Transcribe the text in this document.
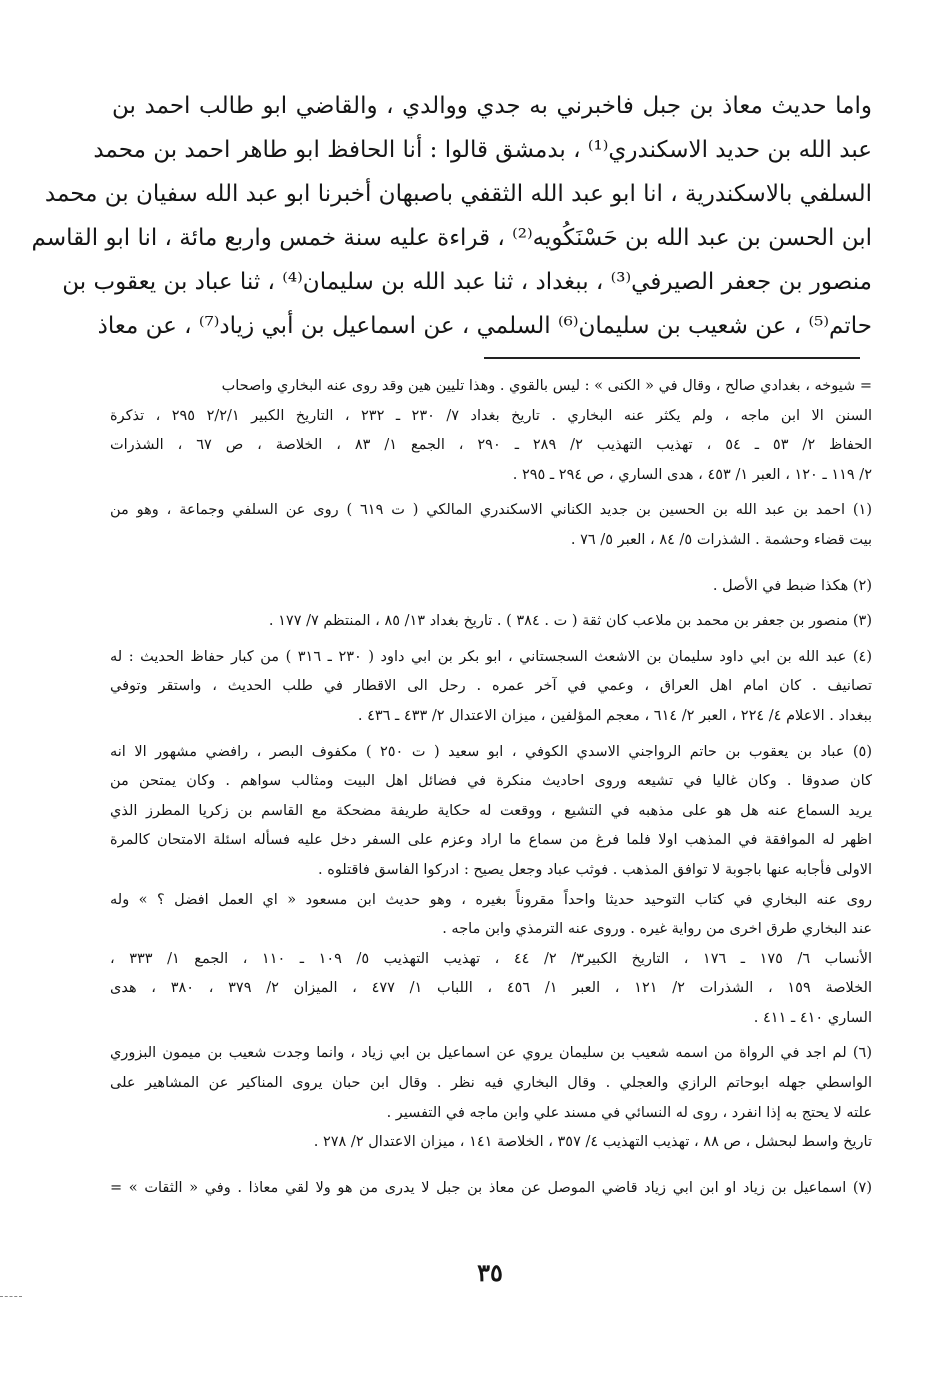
واما حديث معاذ بن جبل فاخبرني به جدي ووالدي ، والقاضي ابو طالب احمد بن
عبد الله بن حديد الاسكندري⁽¹⁾ ، بدمشق قالوا : أنا الحافظ ابو طاهر احمد بن محمد
السلفي بالاسكندرية ، انا ابو عبد الله الثقفي باصبهان أخبرنا ابو عبد الله سفيان بن محمد
ابن الحسن بن عبد الله بن حَسْنَكُويه⁽²⁾ ، قراءة عليه سنة خمس واربع مائة ، انا ابو القاسم
منصور بن جعفر الصيرفي⁽³⁾ ، ببغداد ، ثنا عبد الله بن سليمان⁽⁴⁾ ، ثنا عباد بن يعقوب بن
حاتم⁽⁵⁾ ، عن شعيب بن سليمان⁽⁶⁾ السلمي ، عن اسماعيل بن أبي زياد⁽⁷⁾ ، عن معاذ
= شيوخه ، بغدادي صالح ، وقال في « الكنى » : ليس بالقوي . وهذا تليين هين وقد روى عنه البخاري واصحاب
السنن الا ابن ماجه ، ولم يكثر عنه البخاري . تاريخ بغداد ٧/ ٢٣٠ ـ ٢٣٢ ، التاريخ الكبير ٢/٢/١ ٢٩٥ ، تذكرة
الحفاظ ٢/ ٥٣ ـ ٥٤ ، تهذيب التهذيب ٢/ ٢٨٩ ـ ٢٩٠ ، الجمع ١/ ٨٣ ، الخلاصة ، ص ٦٧ ، الشذرات
٢/ ١١٩ ـ ١٢٠ ، العبر ١/ ٤٥٣ ، هدى الساري ، ص ٢٩٤ ـ ٢٩٥ .
(١) احمد بن عبد الله بن الحسين بن جديد الكناني الاسكندري المالكي ( ت ٦١٩ ) روى عن السلفي وجماعة ، وهو من
بيت قضاء وحشمة . الشذرات ٥/ ٨٤ ، العبر ٥/ ٧٦ .
(٢) هكذا ضبط في الأصل .
(٣) منصور بن جعفر بن محمد بن ملاعب كان ثقة ( ت . ٣٨٤ ) . تاريخ بغداد ١٣/ ٨٥ ، المنتظم ٧/ ١٧٧ .
(٤) عبد الله بن ابي داود سليمان بن الاشعث السجستاني ، ابو بكر بن ابي داود ( ٢٣٠ ـ ٣١٦ ) من كبار حفاظ الحديث : له
تصانيف . كان امام اهل العراق ، وعمي في آخر عمره . رحل الى الاقطار في طلب الحديث ، واستقر وتوفي
ببغداد . الاعلام ٤/ ٢٢٤ ، العبر ٢/ ٦١٤ ، معجم المؤلفين ، ميزان الاعتدال ٢/ ٤٣٣ ـ ٤٣٦ .
(٥) عباد بن يعقوب بن حاتم الرواجني الاسدي الكوفي ، ابو سعيد ( ت ٢٥٠ ) مكفوف البصر ، رافضي مشهور الا انه
كان صدوقا . وكان غاليا في تشيعه وروى احاديث منكرة في فضائل اهل البيت ومثالب سواهم . وكان يمتحن من
يريد السماع عنه هل هو على مذهبه في التشيع ، ووقعت له حكاية طريفة مضحكة مع القاسم بن زكريا المطرز الذي
اظهر له الموافقة في المذهب اولا فلما فرغ من سماع ما اراد وعزم على السفر دخل عليه فسأله اسئلة الامتحان كالمرة
الاولى فأجابه عنها باجوبة لا توافق المذهب . فوثب عباد وجعل يصيح : ادركوا الفاسق فاقتلوه .
روى عنه البخاري في كتاب التوحيد حديثا واحداً مقروناً بغيره ، وهو حديث ابن مسعود « اي العمل افضل ؟ » وله
عند البخاري طرق اخرى من رواية غيره . وروى عنه الترمذي وابن ماجه .
الأنساب ٦/ ١٧٥ ـ ١٧٦ ، التاريخ الكبير٣/ ٢/ ٤٤ ، تهذيب التهذيب ٥/ ١٠٩ ـ ١١٠ ، الجمع ١/ ٣٣٣ ،
الخلاصة ١٥٩ ، الشذرات ٢/ ١٢١ ، العبر ١/ ٤٥٦ ، اللباب ١/ ٤٧٧ ، الميزان ٢/ ٣٧٩ ، ٣٨٠ ، هدى
الساري ٤١٠ ـ ٤١١ .
(٦) لم اجد في الرواة من اسمه شعيب بن سليمان يروي عن اسماعيل بن ابي زياد ، وانما وجدت شعيب بن ميمون البزوري
الواسطي جهله ابوحاتم الرازي والعجلي . وقال البخاري فيه نظر . وقال ابن حبان يروى المناكير عن المشاهير على
علته لا يحتج به إذا انفرد ، روى له النسائي في مسند علي وابن ماجه في التفسير .
تاريخ واسط لبحشل ، ص ٨٨ ، تهذيب التهذيب ٤/ ٣٥٧ ، الخلاصة ١٤١ ، ميزان الاعتدال ٢/ ٢٧٨ .
(٧) اسماعيل بن زياد او ابن ابي زياد قاضي الموصل عن معاذ بن جبل لا يدرى من هو ولا لقي معاذا . وفي « الثقات » =
٣٥
